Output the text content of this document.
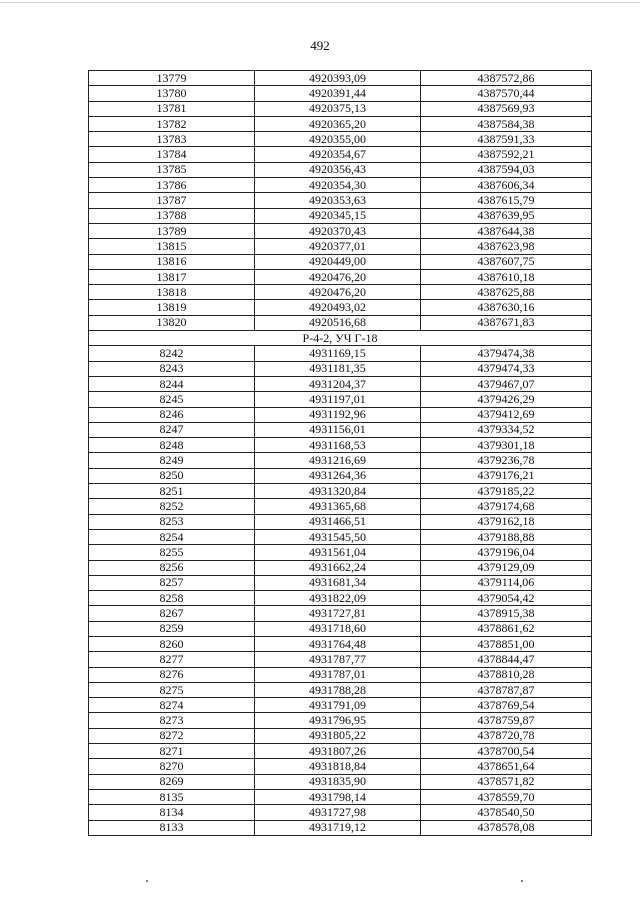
492
13779	4920393,09	4387572,86
13780	4920391,44	4387570,44
13781	4920375,13	4387569,93
13782	4920365,20	4387584,38
13783	4920355,00	4387591,33
13784	4920354,67	4387592,21
13785	4920356,43	4387594,03
13786	4920354,30	4387606,34
13787	4920353,63	4387615,79
13788	4920345,15	4387639,95
13789	4920370,43	4387644,38
13815	4920377,01	4387623,98
13816	4920449,00	4387607,75
13817	4920476,20	4387610,18
13818	4920476,20	4387625,88
13819	4920493,02	4387630,16
13820	4920516,68	4387671,83
Р-4-2, УЧ Г-18		
8242	4931169,15	4379474,38
8243	4931181,35	4379474,33
8244	4931204,37	4379467,07
8245	4931197,01	4379426,29
8246	4931192,96	4379412,69
8247	4931156,01	4379334,52
8248	4931168,53	4379301,18
8249	4931216,69	4379236,78
8250	4931264,36	4379176,21
8251	4931320,84	4379185,22
8252	4931365,68	4379174,68
8253	4931466,51	4379162,18
8254	4931545,50	4379188,88
8255	4931561,04	4379196,04
8256	4931662,24	4379129,09
8257	4931681,34	4379114,06
8258	4931822,09	4379054,42
8267	4931727,81	4378915,38
8259	4931718,60	4378861,62
8260	4931764,48	4378851,00
8277	4931787,77	4378844,47
8276	4931787,01	4378810,28
8275	4931788,28	4378787,87
8274	4931791,09	4378769,54
8273	4931796,95	4378759,87
8272	4931805,22	4378720,78
8271	4931807,26	4378700,54
8270	4931818,84	4378651,64
8269	4931835,90	4378571,82
8135	4931798,14	4378559,70
8134	4931727,98	4378540,50
8133	4931719,12	4378578,08
